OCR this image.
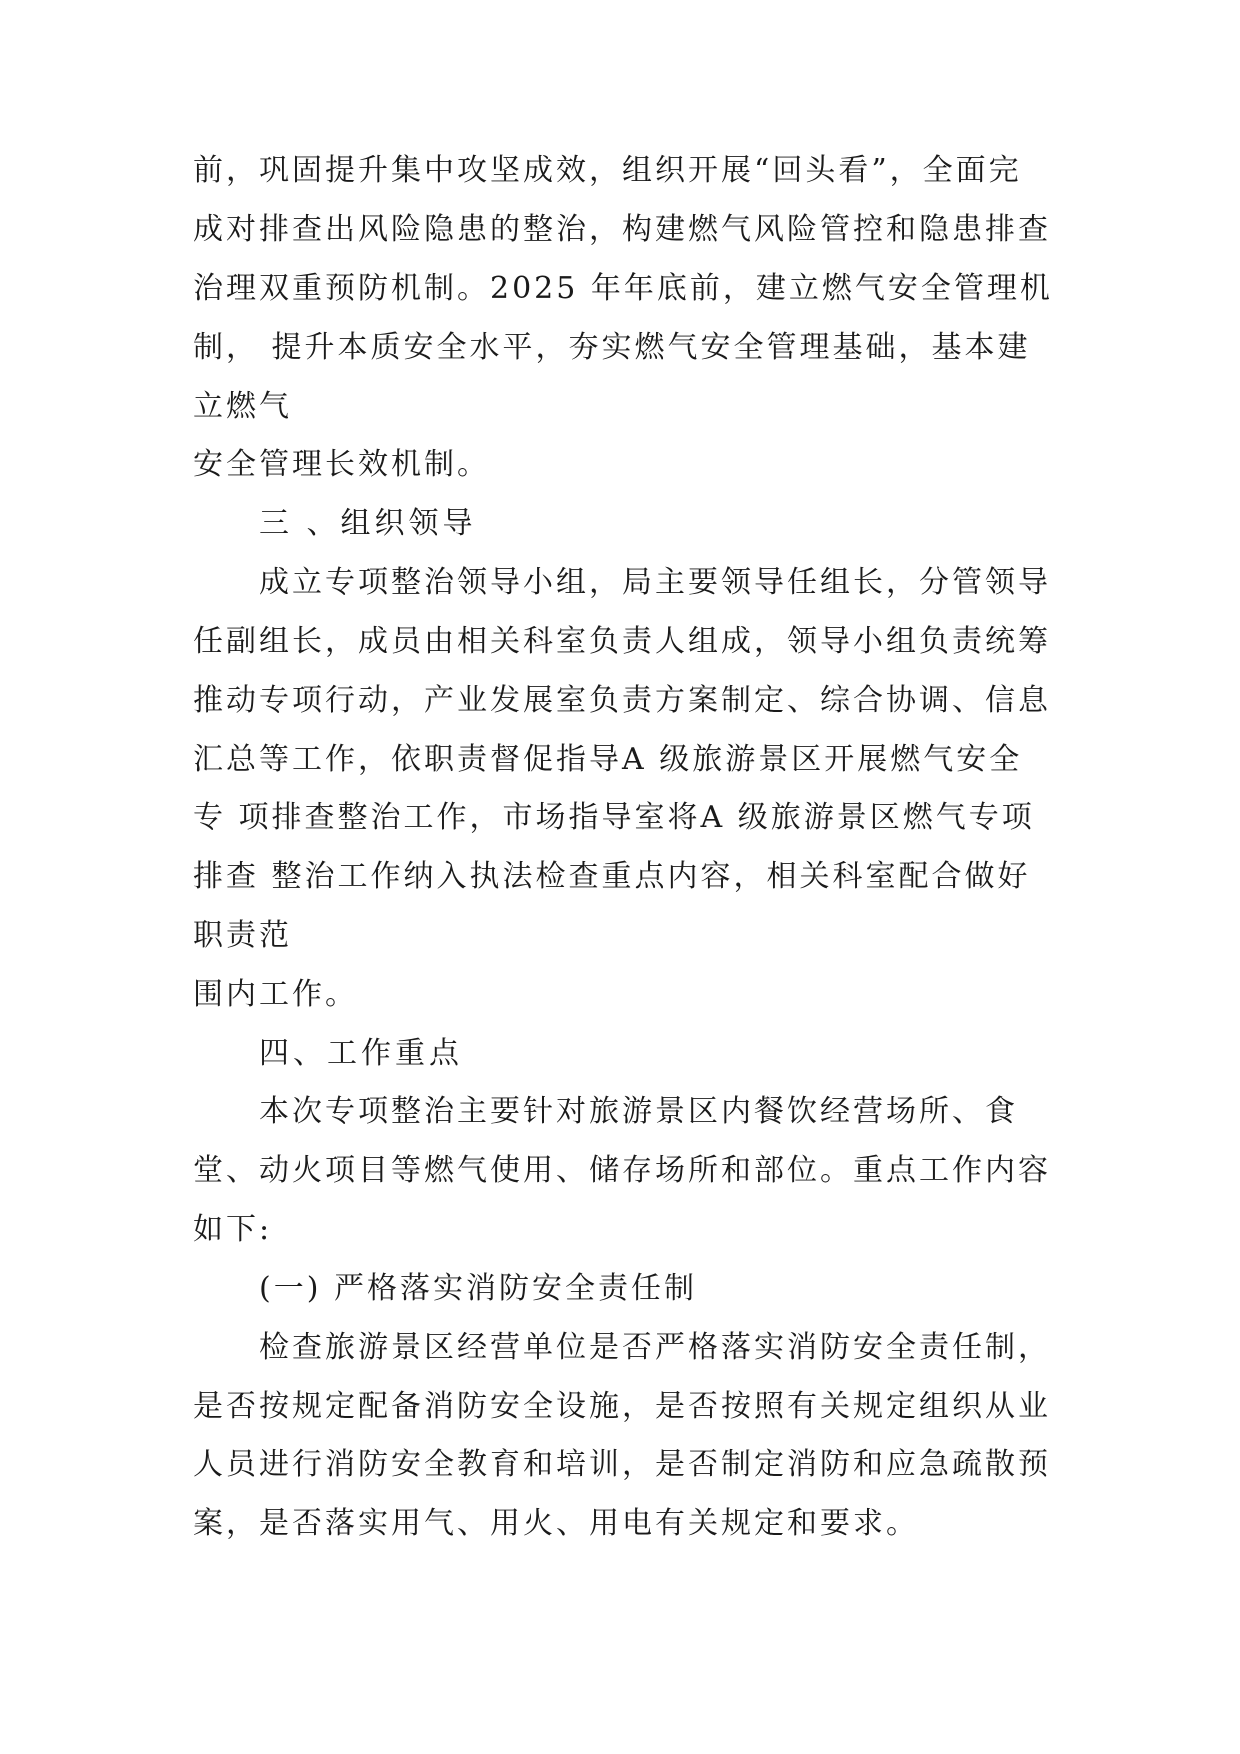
前，巩固提升集中攻坚成效，组织开展“回头看”，全面完
成对排查出风险隐患的整治，构建燃气风险管控和隐患排查
治理双重预防机制。2025 年年底前，建立燃气安全管理机
制， 提升本质安全水平，夯实燃气安全管理基础，基本建
立燃气
安全管理长效机制。
三 、组织领导
成立专项整治领导小组，局主要领导任组长，分管领导
任副组长，成员由相关科室负责人组成，领导小组负责统筹
推动专项行动，产业发展室负责方案制定、综合协调、信息
汇总等工作，依职责督促指导A 级旅游景区开展燃气安全
专 项排查整治工作，市场指导室将A 级旅游景区燃气专项
排查 整治工作纳入执法检查重点内容，相关科室配合做好
职责范
围内工作。
四、工作重点
本次专项整治主要针对旅游景区内餐饮经营场所、食
堂、动火项目等燃气使用、储存场所和部位。重点工作内容
如下:
(一) 严格落实消防安全责任制
检查旅游景区经营单位是否严格落实消防安全责任制，
是否按规定配备消防安全设施，是否按照有关规定组织从业
人员进行消防安全教育和培训，是否制定消防和应急疏散预
案，是否落实用气、用火、用电有关规定和要求。
